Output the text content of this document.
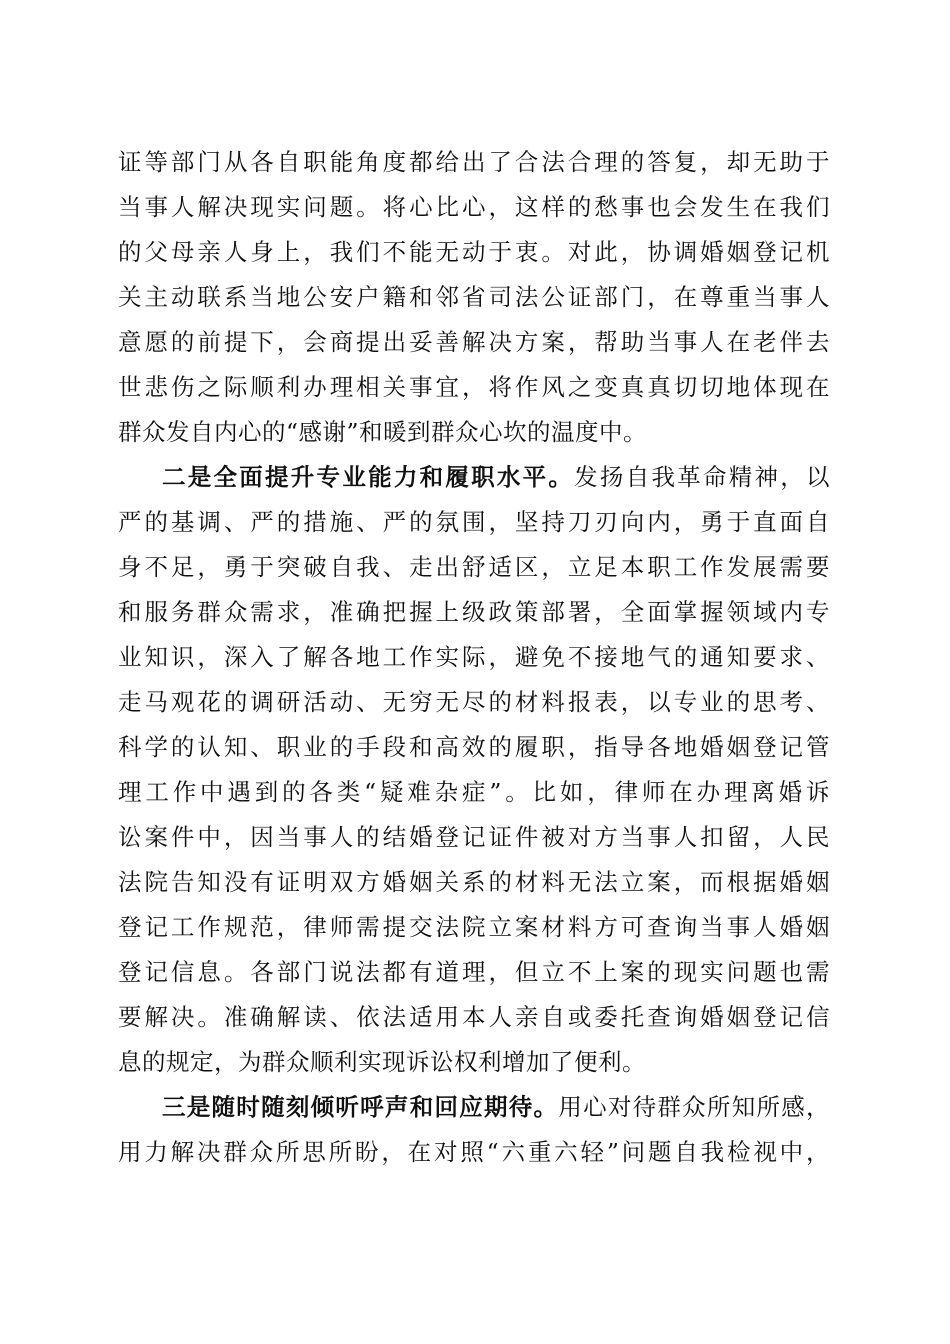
证等部门从各自职能角度都给出了合法合理的答复，却无助于
当事人解决现实问题。将心比心，这样的愁事也会发生在我们
的父母亲人身上，我们不能无动于衷。对此，协调婚姻登记机
关主动联系当地公安户籍和邻省司法公证部门，在尊重当事人
意愿的前提下，会商提出妥善解决方案，帮助当事人在老伴去
世悲伤之际顺利办理相关事宜，将作风之变真真切切地体现在
群众发自内心的“感谢”和暖到群众心坎的温度中。
二是全面提升专业能力和履职水平。发扬自我革命精神，以
严的基调、严的措施、严的氛围，坚持刀刃向内，勇于直面自
身不足，勇于突破自我、走出舒适区，立足本职工作发展需要
和服务群众需求，准确把握上级政策部署，全面掌握领域内专
业知识，深入了解各地工作实际，避免不接地气的通知要求、
走马观花的调研活动、无穷无尽的材料报表，以专业的思考、
科学的认知、职业的手段和高效的履职，指导各地婚姻登记管
理工作中遇到的各类“疑难杂症”。比如，律师在办理离婚诉
讼案件中，因当事人的结婚登记证件被对方当事人扣留，人民
法院告知没有证明双方婚姻关系的材料无法立案，而根据婚姻
登记工作规范，律师需提交法院立案材料方可查询当事人婚姻
登记信息。各部门说法都有道理，但立不上案的现实问题也需
要解决。准确解读、依法适用本人亲自或委托查询婚姻登记信
息的规定，为群众顺利实现诉讼权利增加了便利。
三是随时随刻倾听呼声和回应期待。用心对待群众所知所感，
用力解决群众所思所盼，在对照“六重六轻”问题自我检视中，
